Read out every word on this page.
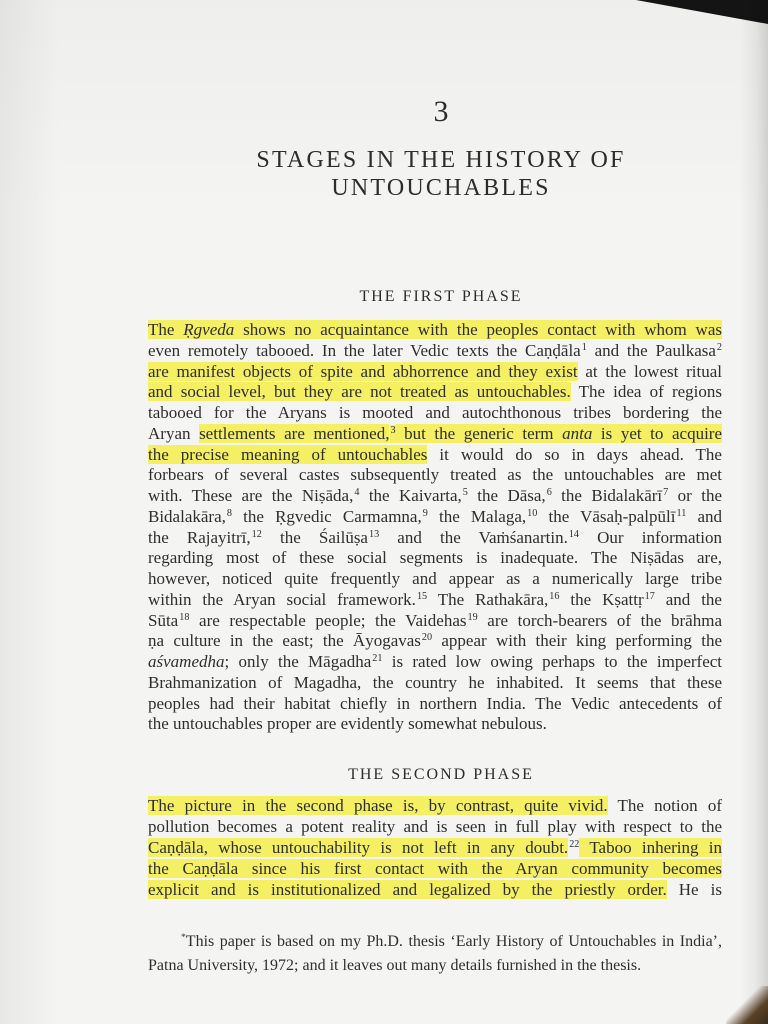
3
STAGES IN THE HISTORY OF
UNTOUCHABLES
THE FIRST PHASE
The Ṛgveda shows no acquaintance with the peoples contact with whom was
even remotely tabooed. In the later Vedic texts the Caṇḍāla$^1$ and the Paulkasa$^2$
are manifest objects of spite and abhorrence and they exist at the lowest ritual
and social level, but they are not treated as untouchables. The idea of regions
tabooed for the Aryans is mooted and autochthonous tribes bordering the
Aryan settlements are mentioned,$^3$ but the generic term anta is yet to acquire
the precise meaning of untouchables it would do so in days ahead. The
forbears of several castes subsequently treated as the untouchables are met
with. These are the Niṣāda,$^4$ the Kaivarta,$^5$ the Dāsa,$^6$ the Bidalakārī$^7$ or the
Bidalakāra,$^8$ the Ṛgvedic Carmamna,$^9$ the Malaga,$^{10}$ the Vāsaḥ-palpūlī$^{11}$ and
the Rajayitrī,$^{12}$ the Śailūṣa$^{13}$ and the Vaṁśanartin.$^{14}$ Our information
regarding most of these social segments is inadequate. The Niṣādas are,
however, noticed quite frequently and appear as a numerically large tribe
within the Aryan social framework.$^{15}$ The Rathakāra,$^{16}$ the Kṣattṛ$^{17}$ and the
Sūta$^{18}$ are respectable people; the Vaidehas$^{19}$ are torch-bearers of the brāhma
ṇa culture in the east; the Āyogavas$^{20}$ appear with their king performing the
aśvamedha; only the Māgadha$^{21}$ is rated low owing perhaps to the imperfect
Brahmanization of Magadha, the country he inhabited. It seems that these
peoples had their habitat chiefly in northern India. The Vedic antecedents of
the untouchables proper are evidently somewhat nebulous.
THE SECOND PHASE
The picture in the second phase is, by contrast, quite vivid. The notion of
pollution becomes a potent reality and is seen in full play with respect to the
Caṇḍāla, whose untouchability is not left in any doubt.$^{22}$ Taboo inhering in
the Caṇḍāla since his first contact with the Aryan community becomes
explicit and is institutionalized and legalized by the priestly order. He is
*This paper is based on my Ph.D. thesis ‘Early History of Untouchables in India’,
Patna University, 1972; and it leaves out many details furnished in the thesis.
